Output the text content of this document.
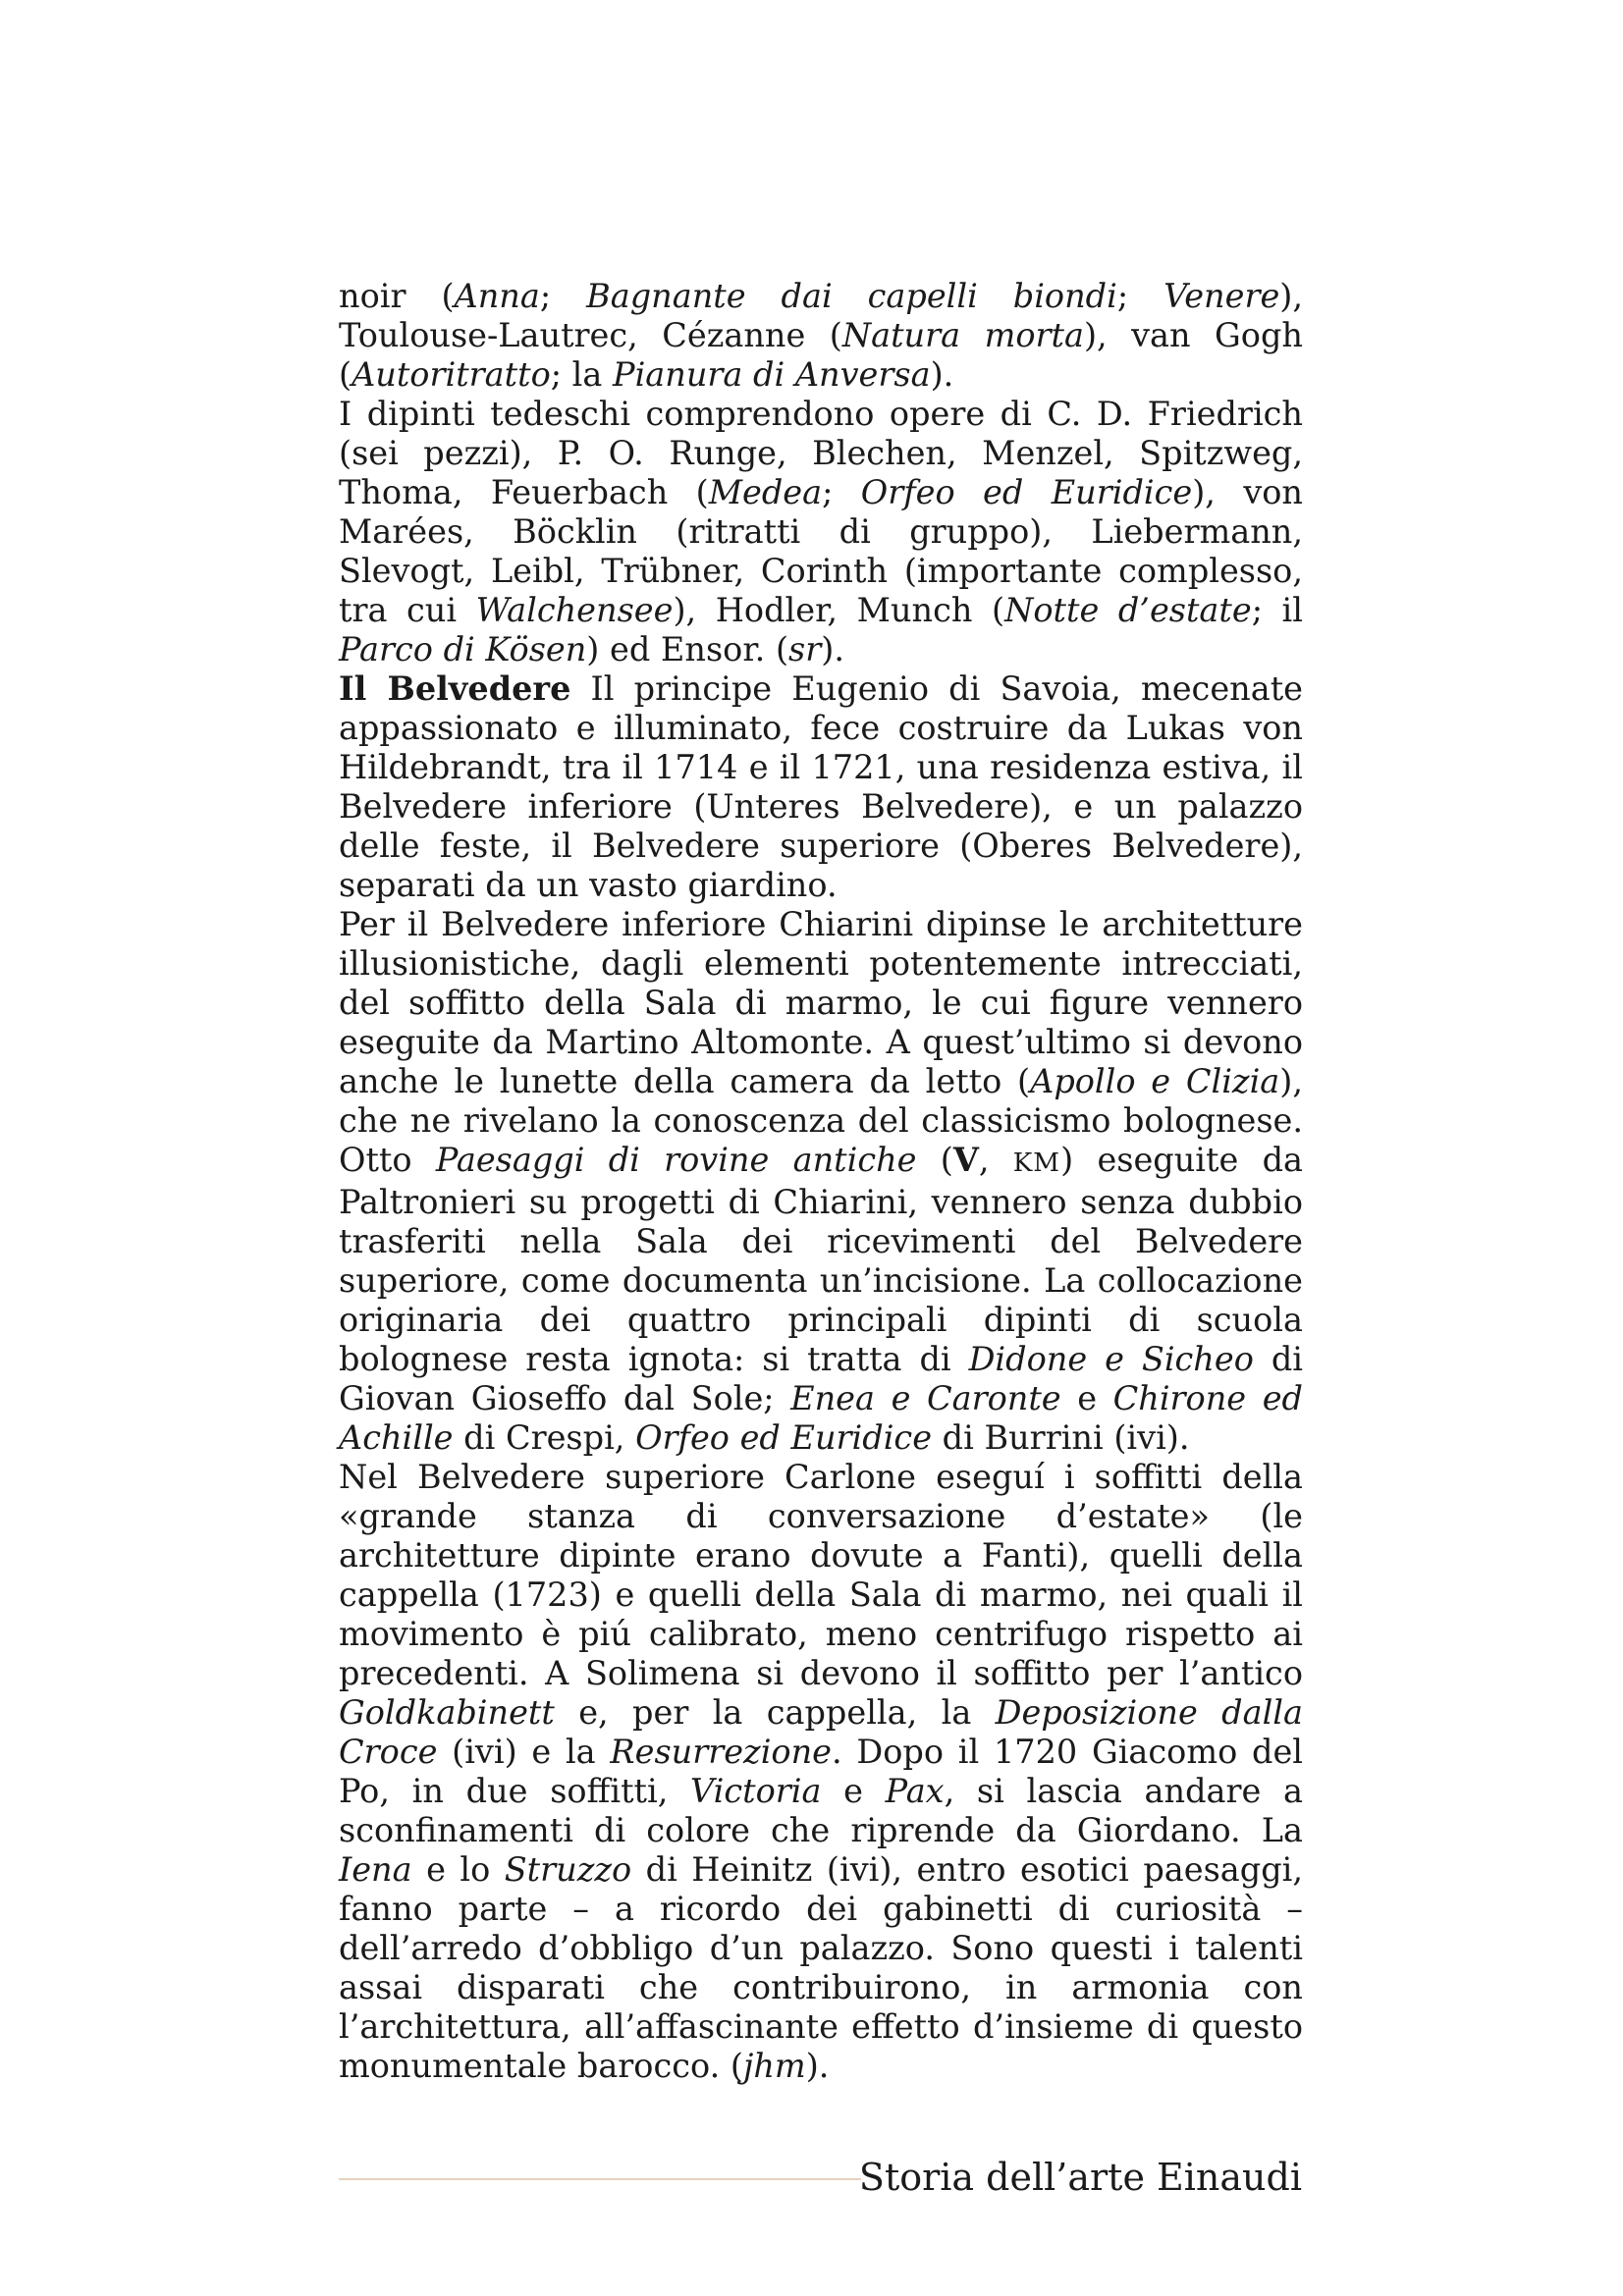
noir (Anna; Bagnante dai capelli biondi; Venere), Toulouse-Lautrec, Cézanne (Natura morta), van Gogh (Autoritratto; la Pianura di Anversa).

I dipinti tedeschi comprendono opere di C. D. Friedrich (sei pezzi), P. O. Runge, Blechen, Menzel, Spitzweg, Thoma, Feuerbach (Medea; Orfeo ed Euridice), von Marées, Böcklin (ritratti di gruppo), Liebermann, Slevogt, Leibl, Trübner, Corinth (importante complesso, tra cui Walchensee), Hodler, Munch (Notte d’estate; il Parco di Kösen) ed Ensor. (sr).

Il Belvedere Il principe Eugenio di Savoia, mecenate appassionato e illuminato, fece costruire da Lukas von Hildebrandt, tra il 1714 e il 1721, una residenza estiva, il Belvedere inferiore (Unteres Belvedere), e un palazzo delle feste, il Belvedere superiore (Oberes Belvedere), separati da un vasto giardino.

Per il Belvedere inferiore Chiarini dipinse le architetture illusionistiche, dagli elementi potentemente intrecciati, del soffitto della Sala di marmo, le cui figure vennero eseguite da Martino Altomonte. A quest’ultimo si devono anche le lunette della camera da letto (Apollo e Clizia), che ne rivelano la conoscenza del classicismo bolognese. Otto Paesaggi di rovine antiche (V, KM) eseguite da Paltronieri su progetti di Chiarini, vennero senza dubbio trasferiti nella Sala dei ricevimenti del Belvedere superiore, come documenta un’incisione. La collocazione originaria dei quattro principali dipinti di scuola bolognese resta ignota: si tratta di Didone e Sicheo di Giovan Gioseffo dal Sole; Enea e Caronte e Chirone ed Achille di Crespi, Orfeo ed Euridice di Burrini (ivi).

Nel Belvedere superiore Carlone eseguí i soffitti della «grande stanza di conversazione d’estate» (le architetture dipinte erano dovute a Fanti), quelli della cappella (1723) e quelli della Sala di marmo, nei quali il movimento è piú calibrato, meno centrifugo rispetto ai precedenti. A Solimena si devono il soffitto per l’antico Goldkabinett e, per la cappella, la Deposizione dalla Croce (ivi) e la Resurrezione. Dopo il 1720 Giacomo del Po, in due soffitti, Victoria e Pax, si lascia andare a sconfinamenti di colore che riprende da Giordano. La Iena e lo Struzzo di Heinitz (ivi), entro esotici paesaggi, fanno parte – a ricordo dei gabinetti di curiosità – dell’arredo d’obbligo d’un palazzo. Sono questi i talenti assai disparati che contribuirono, in armonia con l’architettura, all’affascinante effetto d’insieme di questo monumentale barocco. (jhm).

Storia dell’arte Einaudi
